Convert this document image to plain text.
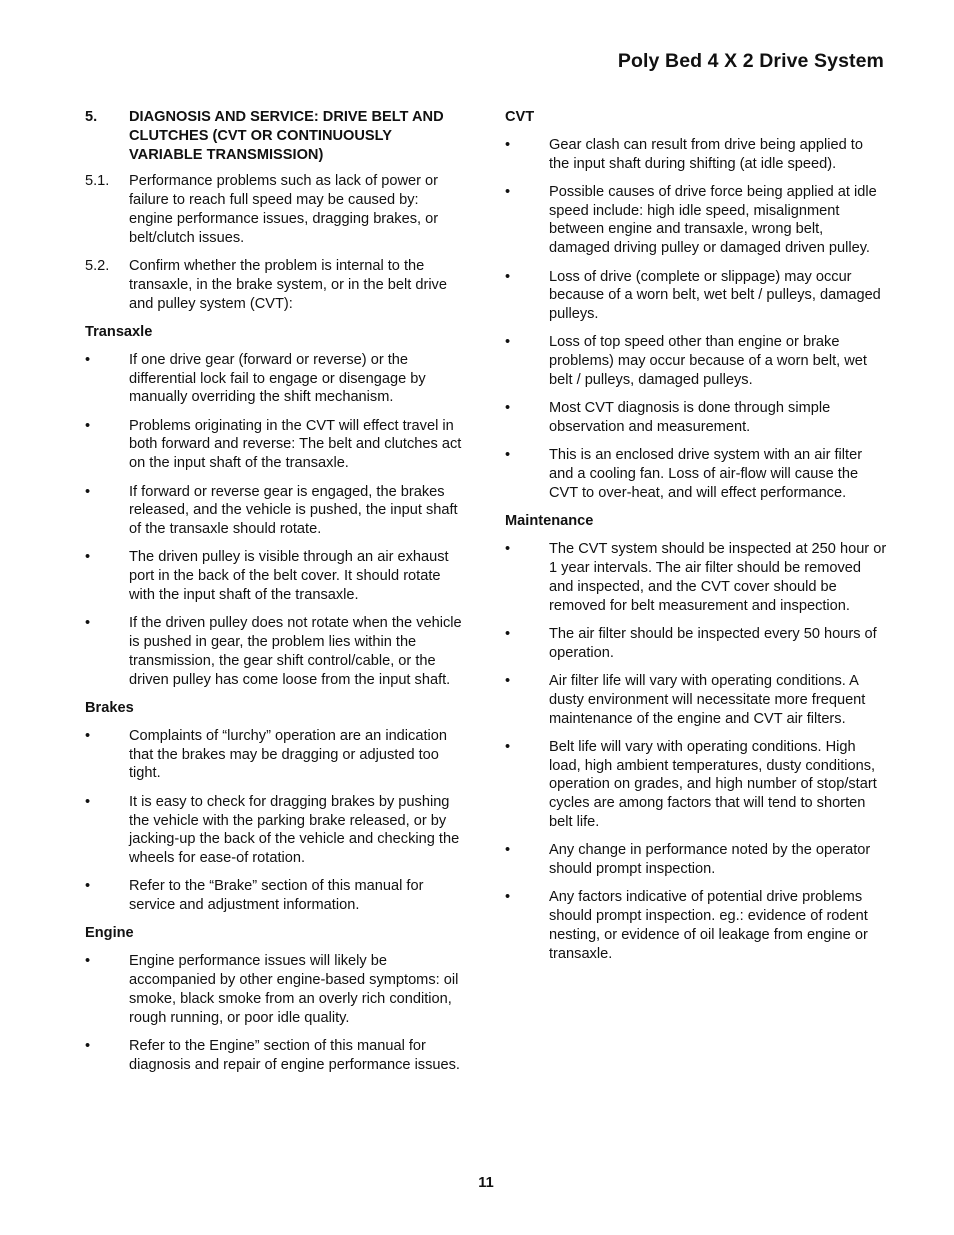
Poly Bed 4 X 2 Drive System
5.	DIAGNOSIS AND SERVICE: DRIVE BELT AND CLUTCHES (CVT OR CONTINUOUSLY VARIABLE TRANSMISSION)
5.1.	Performance problems such as lack of power or failure to reach full speed may be caused by: engine performance issues, dragging brakes, or belt/clutch issues.
5.2.	Confirm whether the problem is internal to the transaxle, in the brake system, or in the belt drive and pulley system (CVT):
Transaxle
•	If one drive gear (forward or reverse) or the differential lock fail to engage or disengage by manually overriding the shift mechanism.
•	Problems originating in the CVT will effect travel in both forward and reverse: The belt and clutches act on the input shaft of the transaxle.
•	If forward or reverse gear is engaged, the brakes released, and the vehicle is pushed, the input shaft of the transaxle should rotate.
•	The driven pulley is visible through an air exhaust port in the back of the belt cover. It should rotate with the input shaft of the transaxle.
•	If the driven pulley does not rotate when the vehicle is pushed in gear, the problem lies within the transmission, the gear shift control/cable, or the driven pulley has come loose from the input shaft.
Brakes
•	Complaints of “lurchy” operation are an indication that the brakes may be dragging or adjusted too tight.
•	It is easy to check for dragging brakes by pushing the vehicle with the parking brake released, or by jacking-up the back of the vehicle and checking the wheels for ease-of rotation.
•	Refer to the “Brake” section of this manual for service and adjustment information.
Engine
•	Engine performance issues will likely be accompanied by other engine-based symptoms: oil smoke, black smoke from an overly rich condition, rough running, or poor idle quality.
•	Refer to the Engine” section of this manual for diagnosis and repair of engine performance issues.
CVT
•	Gear clash can result from drive being applied to the input shaft during shifting (at idle speed).
•	Possible causes of drive force being applied at idle speed include: high idle speed, misalignment between engine and transaxle, wrong belt, damaged driving pulley or damaged driven pulley.
•	Loss of drive (complete or slippage) may occur because of a worn belt, wet belt / pulleys, damaged pulleys.
•	Loss of top speed other than engine or brake problems) may occur because of a worn belt, wet belt / pulleys, damaged pulleys.
•	Most CVT diagnosis is done through simple observation and measurement.
•	This is an enclosed drive system with an air filter and a cooling fan. Loss of air-flow will cause the CVT to over-heat, and will effect performance.
Maintenance
•	The CVT system should be inspected at 250 hour or 1 year intervals. The air filter should be removed and inspected, and the CVT cover should be removed for belt measurement and inspection.
•	The air filter should be inspected every 50 hours of operation.
•	Air filter life will vary with operating conditions. A dusty environment will necessitate more frequent maintenance of the engine and CVT air filters.
•	Belt life will vary with operating conditions. High load, high ambient temperatures, dusty conditions, operation on grades, and high number of stop/start cycles are among factors that will tend to shorten belt life.
•	Any change in performance noted by the operator should prompt inspection.
•	Any factors indicative of potential drive problems should prompt inspection. eg.: evidence of rodent nesting, or evidence of oil leakage from engine or transaxle.
11
